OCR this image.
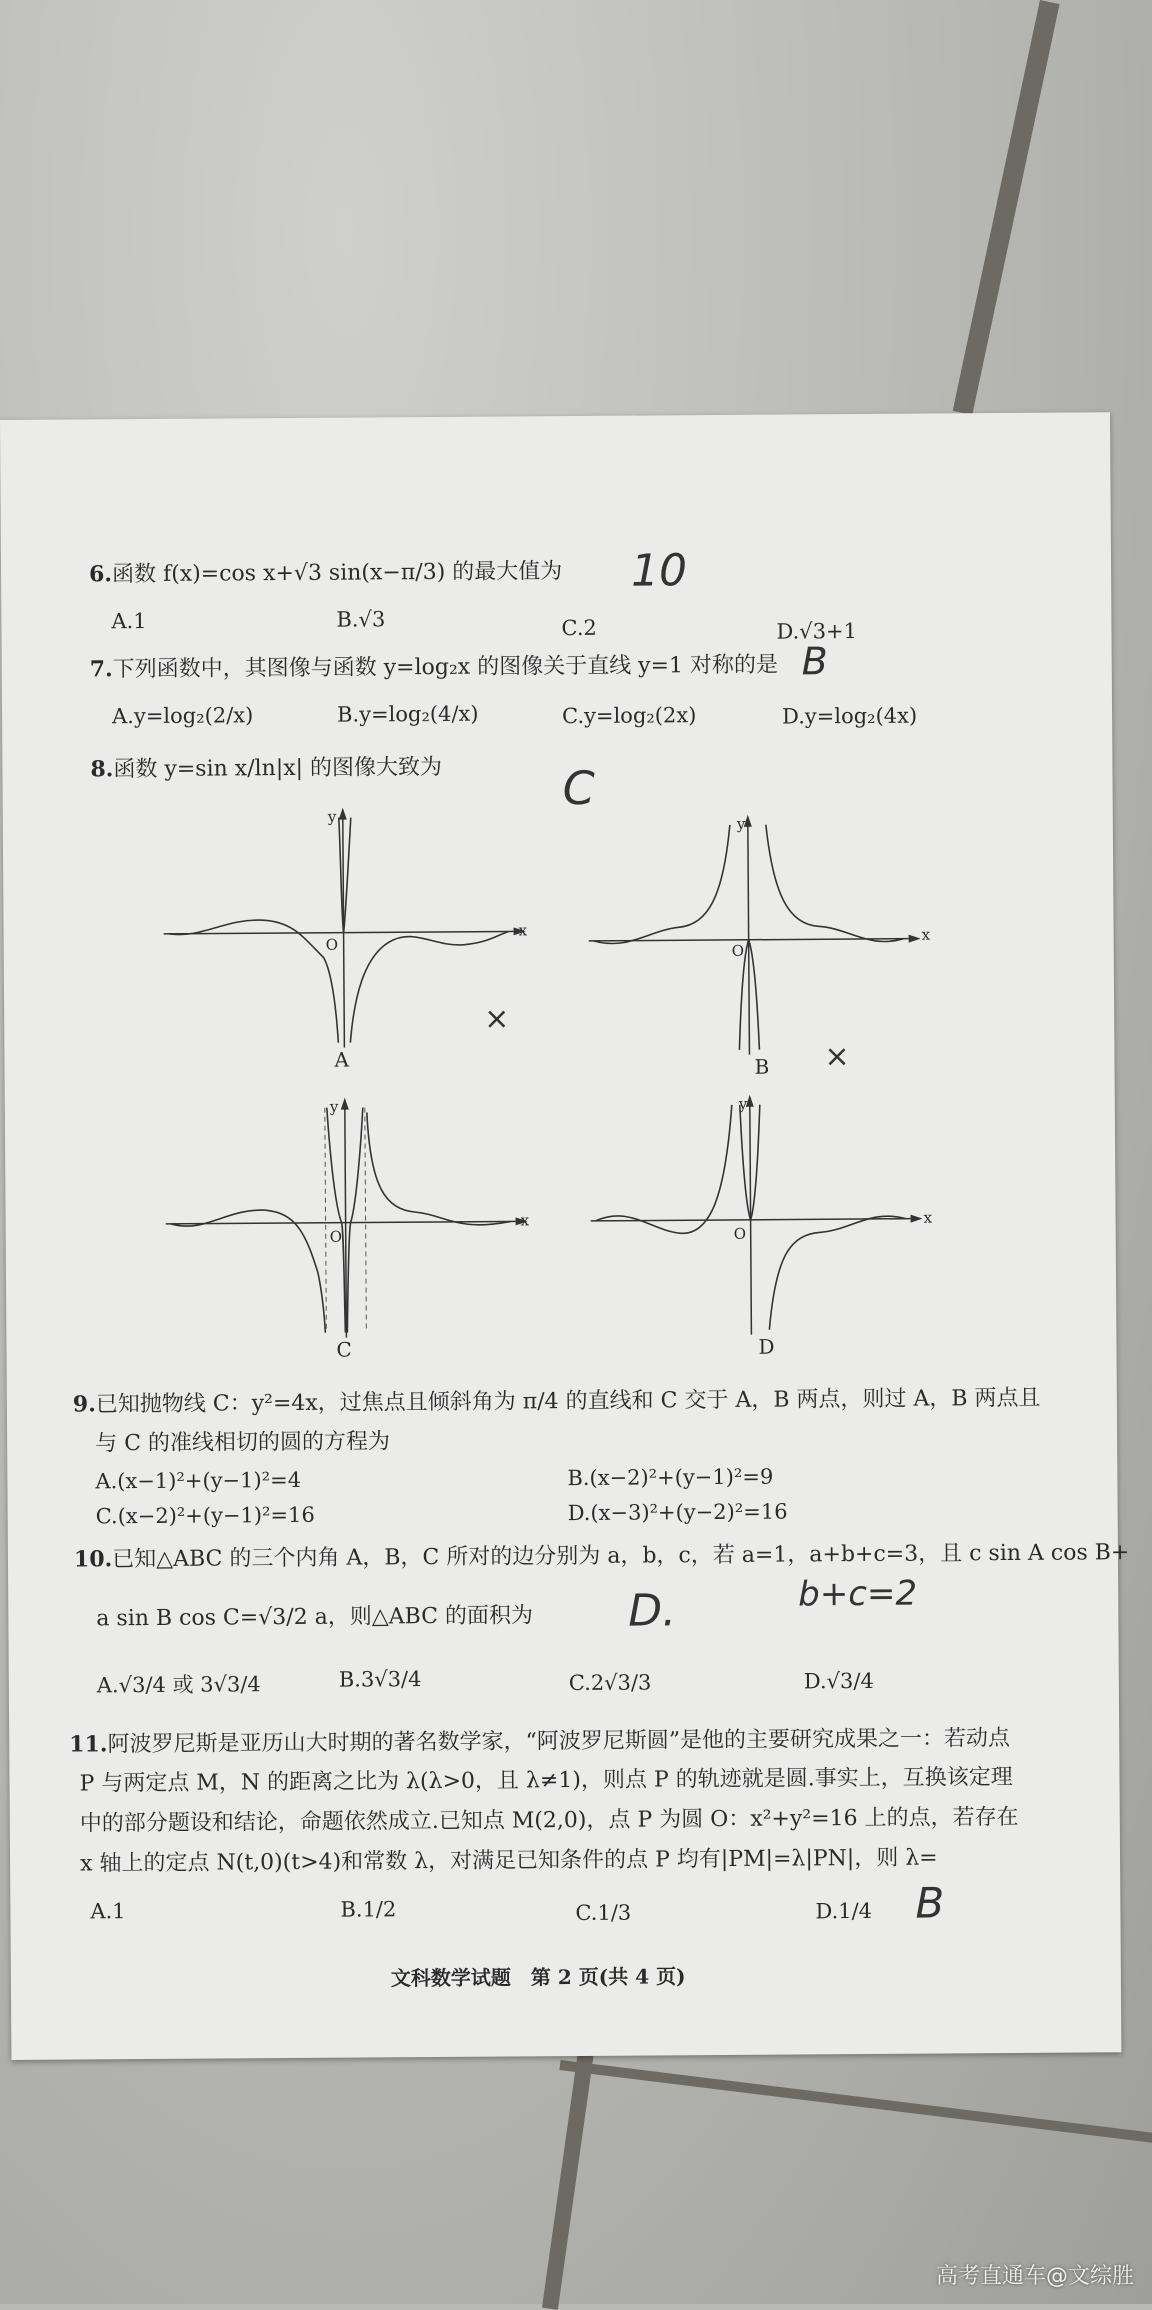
6.函数 f(x)=cos x+√3 sin(x−π/3) 的最大值为 10
A.1	B.√3	C.2	D.√3+1
7.下列函数中，其图像与函数 y=log₂x 的图像关于直线 y=1 对称的是 B
A.y=log₂(2/x)	B.y=log₂(4/x)	C.y=log₂(2x)	D.y=log₂(4x)
8.函数 y=sin x/ln|x| 的图像大致为	C
A
O
y
x
×
B
O
y
x
×
C
O
y
x
D
O
y
x
9.已知抛物线 C：y²=4x，过焦点且倾斜角为 π/4 的直线和 C 交于 A，B 两点，则过 A，B 两点且
与 C 的准线相切的圆的方程为
A.(x−1)²+(y−1)²=4	B.(x−2)²+(y−1)²=9
C.(x−2)²+(y−1)²=16	D.(x−3)²+(y−2)²=16
10.已知△ABC 的三个内角 A，B，C 所对的边分别为 a，b，c，若 a=1，a+b+c=3，且 c sin A cos B+
a sin B cos C=√3/2 a，则△ABC 的面积为 D.	b+c=2
A.√3/4 或 3√3/4	B.3√3/4	C.2√3/3	D.√3/4
11.阿波罗尼斯是亚历山大时期的著名数学家，“阿波罗尼斯圆”是他的主要研究成果之一：若动点
P 与两定点 M，N 的距离之比为 λ(λ>0，且 λ≠1)，则点 P 的轨迹就是圆.事实上，互换该定理
中的部分题设和结论，命题依然成立.已知点 M(2,0)，点 P 为圆 O：x²+y²=16 上的点，若存在
x 轴上的定点 N(t,0)(t>4)和常数 λ，对满足已知条件的点 P 均有|PM|=λ|PN|，则 λ=
A.1	B.1/2	C.1/3	D.1/4 B
文科数学试题　第 2 页(共 4 页)
高考直通车@文综胜
